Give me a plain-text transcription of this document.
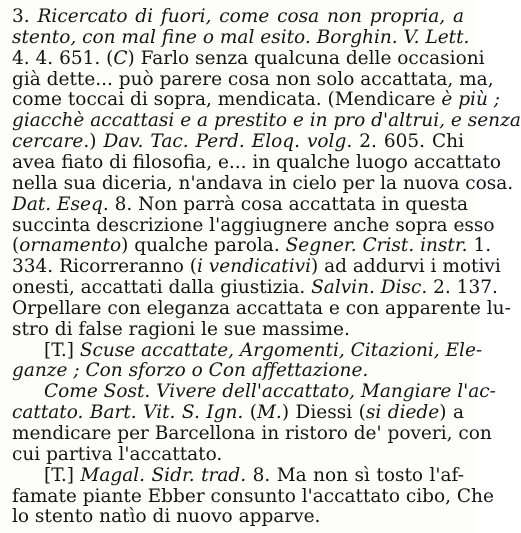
3. Ricercato di fuori, come cosa non propria, a
stento, con mal fine o mal esito. Borghin. V. Lett.
4. 4. 651. (C) Farlo senza qualcuna delle occasioni
già dette... può parere cosa non solo accattata, ma,
come toccai di sopra, mendicata. (Mendicare è più ;
giacchè accattasi e a prestito e in pro d'altrui, e senza
cercare.) Dav. Tac. Perd. Eloq. volg. 2. 605. Chi
avea fiato di filosofia, e... in qualche luogo accattato
nella sua diceria, n'andava in cielo per la nuova cosa.
Dat. Eseq. 8. Non parrà cosa accattata in questa
succinta descrizione l'aggiugnere anche sopra esso
(ornamento) qualche parola. Segner. Crist. instr. 1.
334. Ricorreranno (i vendicativi) ad addurvi i motivi
onesti, accattati dalla giustizia. Salvin. Disc. 2. 137.
Orpellare con eleganza accattata e con apparente lu-
stro di false ragioni le sue massime.
[T.] Scuse accattate, Argomenti, Citazioni, Ele-
ganze ; Con sforzo o Con affettazione.
Come Sost. Vivere dell'accattato, Mangiare l'ac-
cattato. Bart. Vit. S. Ign. (M.) Diessi (si diede) a
mendicare per Barcellona in ristoro de' poveri, con
cui partiva l'accattato.
[T.] Magal. Sidr. trad. 8. Ma non sì tosto l'af-
famate piante Ebber consunto l'accattato cibo, Che
lo stento natìo di nuovo apparve.
